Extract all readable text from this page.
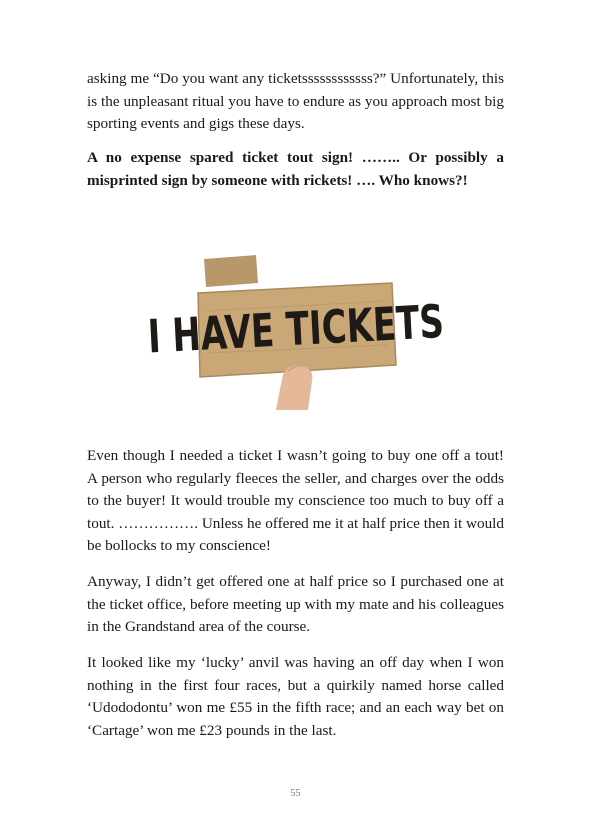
asking me “Do you want any ticketssssssssssss?” Unfortunately, this is the unpleasant ritual you have to endure as you approach most big sporting events and gigs these days.

A no expense spared ticket tout sign! …….. Or possibly a misprinted sign by someone with rickets! …. Who knows?!

I HAVE TICKETS

Even though I needed a ticket I wasn’t going to buy one off a tout! A person who regularly fleeces the seller, and charges over the odds to the buyer! It would trouble my conscience too much to buy off a tout. ……………. Unless he offered me it at half price then it would be bollocks to my conscience!

Anyway, I didn’t get offered one at half price so I purchased one at the ticket office, before meeting up with my mate and his colleagues in the Grandstand area of the course.

It looked like my ‘lucky’ anvil was having an off day when I won nothing in the first four races, but a quirkily named horse called ‘Udododontu’ won me £55 in the fifth race; and an each way bet on ‘Cartage’ won me £23 pounds in the last.

55
